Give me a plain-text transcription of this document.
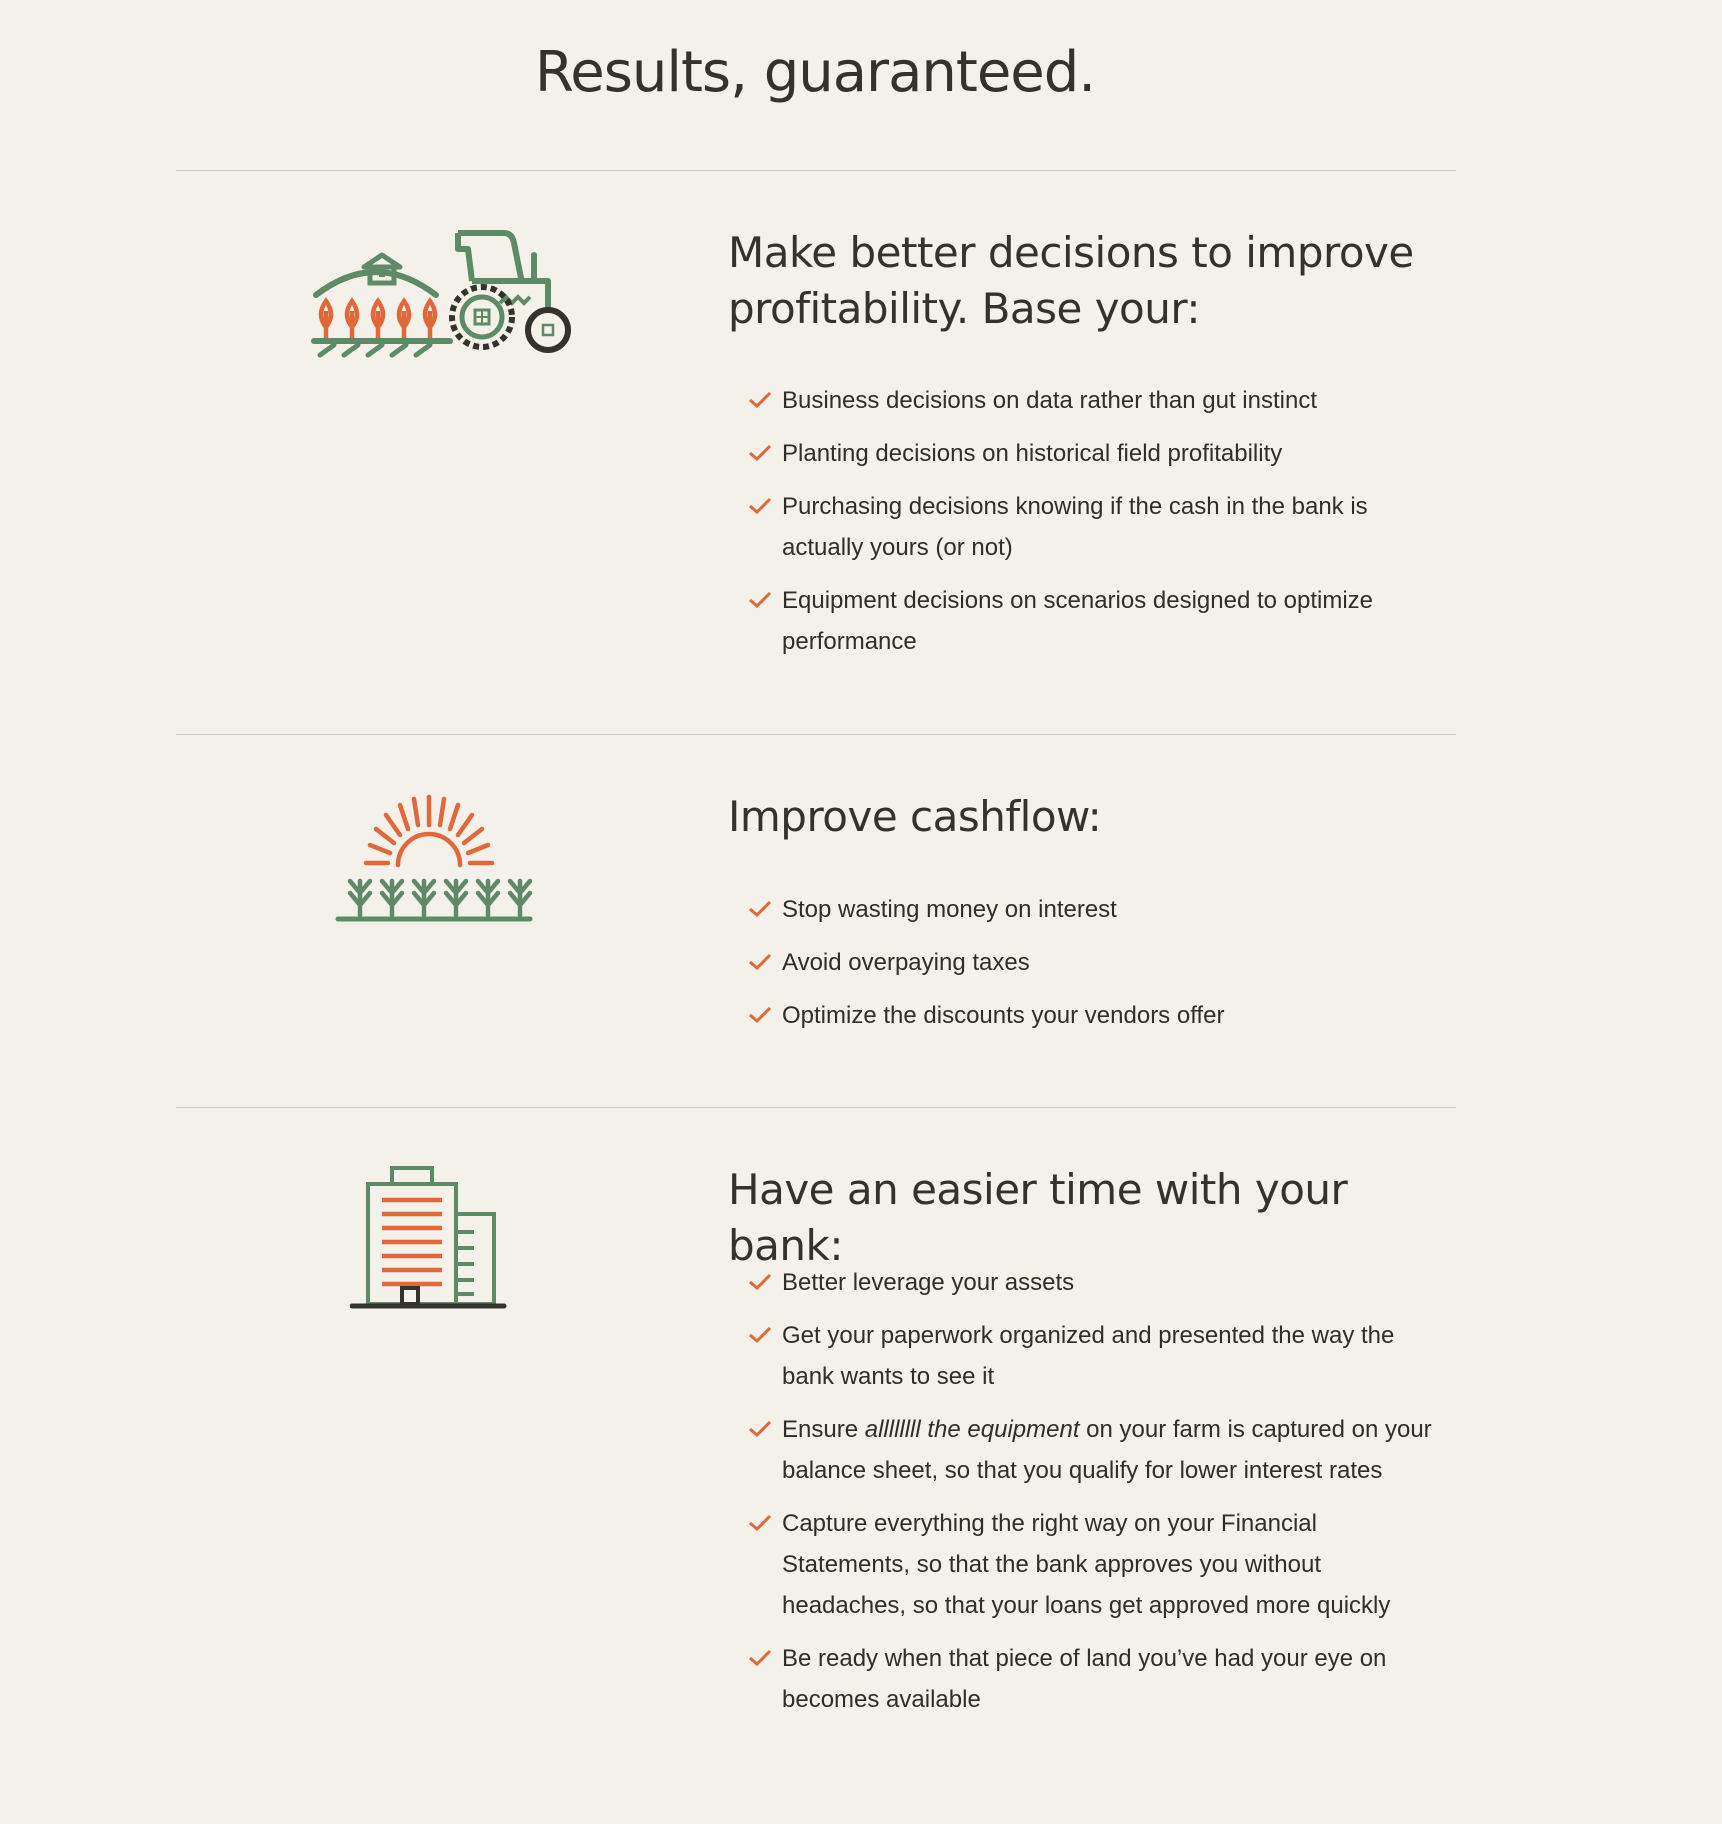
Results, guaranteed.
Make better decisions to improve profitability. Base your:
Business decisions on data rather than gut instinct
Planting decisions on historical field profitability
Purchasing decisions knowing if the cash in the bank is actually yours (or not)
Equipment decisions on scenarios designed to optimize performance
Improve cashflow:
Stop wasting money on interest
Avoid overpaying taxes
Optimize the discounts your vendors offer
Have an easier time with your bank:
Better leverage your assets
Get your paperwork organized and presented the way the bank wants to see it
Ensure allllllll the equipment on your farm is captured on your balance sheet, so that you qualify for lower interest rates
Capture everything the right way on your Financial Statements, so that the bank approves you without headaches, so that your loans get approved more quickly
Be ready when that piece of land you’ve had your eye on becomes available
